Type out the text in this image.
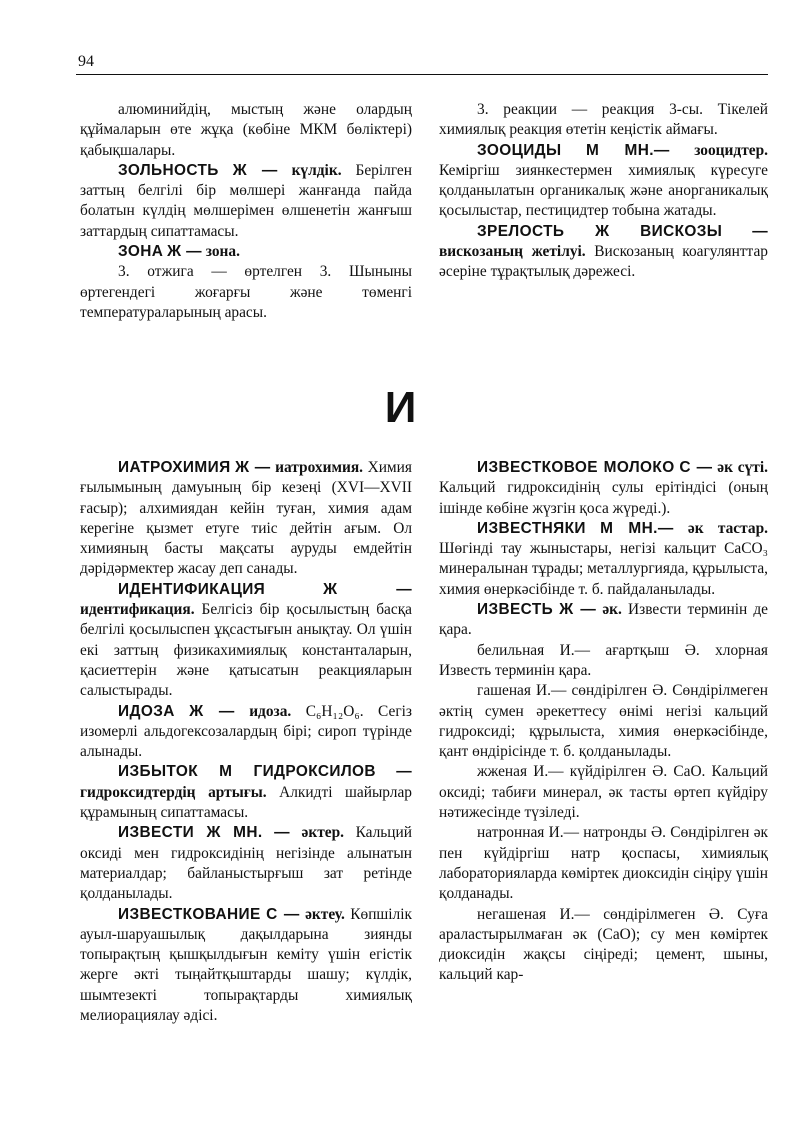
94

алюминийдің, мыстың және олардың құймаларын өте жұқа (көбіне МКМ бөліктері) қабықшалары.

ЗОЛЬНОСТЬ Ж — күлдік. Берілген заттың белгілі бір мөлшері жанғанда пайда болатын күлдің мөлшерімен өлшенетін жанғыш заттардың сипаттамасы.

ЗОНА Ж — зона.

3. отжига — өртелген 3. Шыныны өртегендегі жоғарғы және төменгі температураларының арасы.

3. реакции — реакция 3-сы. Тікелей химиялық реакция өтетін кеңістік аймағы.

ЗООЦИДЫ М МН.— зооцидтер. Кеміргіш зиянкестермен химиялық күресуге қолданылатын органикалық және анорганикалық қосылыстар, пестицидтер тобына жатады.

ЗРЕЛОСТЬ Ж ВИСКОЗЫ — вискозаның жетілуі. Вискозаның коагулянттар әсеріне тұрақтылық дәрежесі.

И

ИАТРОХИМИЯ Ж — иатрохимия. Химия ғылымының дамуының бір кезеңі (XVI—XVII ғасыр); алхимиядан кейін туған, химия адам керегіне қызмет етуге тиіс дейтін ағым. Ол химияның басты мақсаты ауруды емдейтін дәрідәрмектер жасау деп санады.

ИДЕНТИФИКАЦИЯ	Ж — идентификация. Белгісіз бір қосылыстың басқа белгілі қосылыспен ұқсастығын анықтау. Ол үшін екі заттың физикахимиялық константаларын, қасиеттерін және қатысатын реакцияларын салыстырады.

ИДОЗА Ж — идоза. C₆H₁₂O₆. Сегіз изомерлі альдогексозалардың бірі; сироп түрінде алынады.

ИЗБЫТОК М ГИДРОКСИЛОВ — гидроксидтердің артығы. Алкидті шайырлар құрамының сипаттамасы.

ИЗВЕСТИ Ж МН. — әктер. Кальций оксиді мен гидроксидінің негізінде алынатын материалдар; байланыстырғыш зат ретінде қолданылады.

ИЗВЕСТКОВАНИЕ С — әктеу. Көпшілік ауыл-шаруашылық дақылдарына зиянды топырақтың қышқылдығын кеміту үшін егістік жерге әкті тыңайтқыштарды шашу; күлдік, шымтезекті топырақтарды химиялық мелиорациялау әдісі.

ИЗВЕСТКОВОЕ МОЛОКО С — әк сүті. Кальций гидроксидінің сулы ерітіндісі (оның ішінде көбіне жүзгін қоса жүреді.).

ИЗВЕСТНЯКИ М МН.— әк тастар. Шөгінді тау жыныстары, негізі кальцит CaCO₃ минералынан тұрады; металлургияда, құрылыста, химия өнеркәсібінде т. б. пайдаланылады.

ИЗВЕСТЬ Ж — әк. Извести терминін де қара.

белильная И.— ағартқыш Ә. хлорная Известь терминін қара.

гашеная И.— сөндірілген Ә. Сөндірілмеген әктің сумен әрекеттесу өнімі негізі кальций гидроксиді; құрылыста, химия өнеркәсібінде, қант өндірісінде т. б. қолданылады.

жженая И.— күйдірілген Ә. CaO. Кальций оксиді; табиғи минерал, әк тасты өртеп күйдіру нәтижесінде түзіледі.

натронная И.— натронды Ә. Сөндірілген әк пен күйдіргіш натр қоспасы, химиялық лабораторияларда көміртек диоксидін сіңіру үшін қолданады.

негашеная И.— сөндірілмеген Ә. Суға араластырылмаған әк (CaO); су мен көміртек диоксидін жақсы сіңіреді; цемент, шыны, кальций кар-
